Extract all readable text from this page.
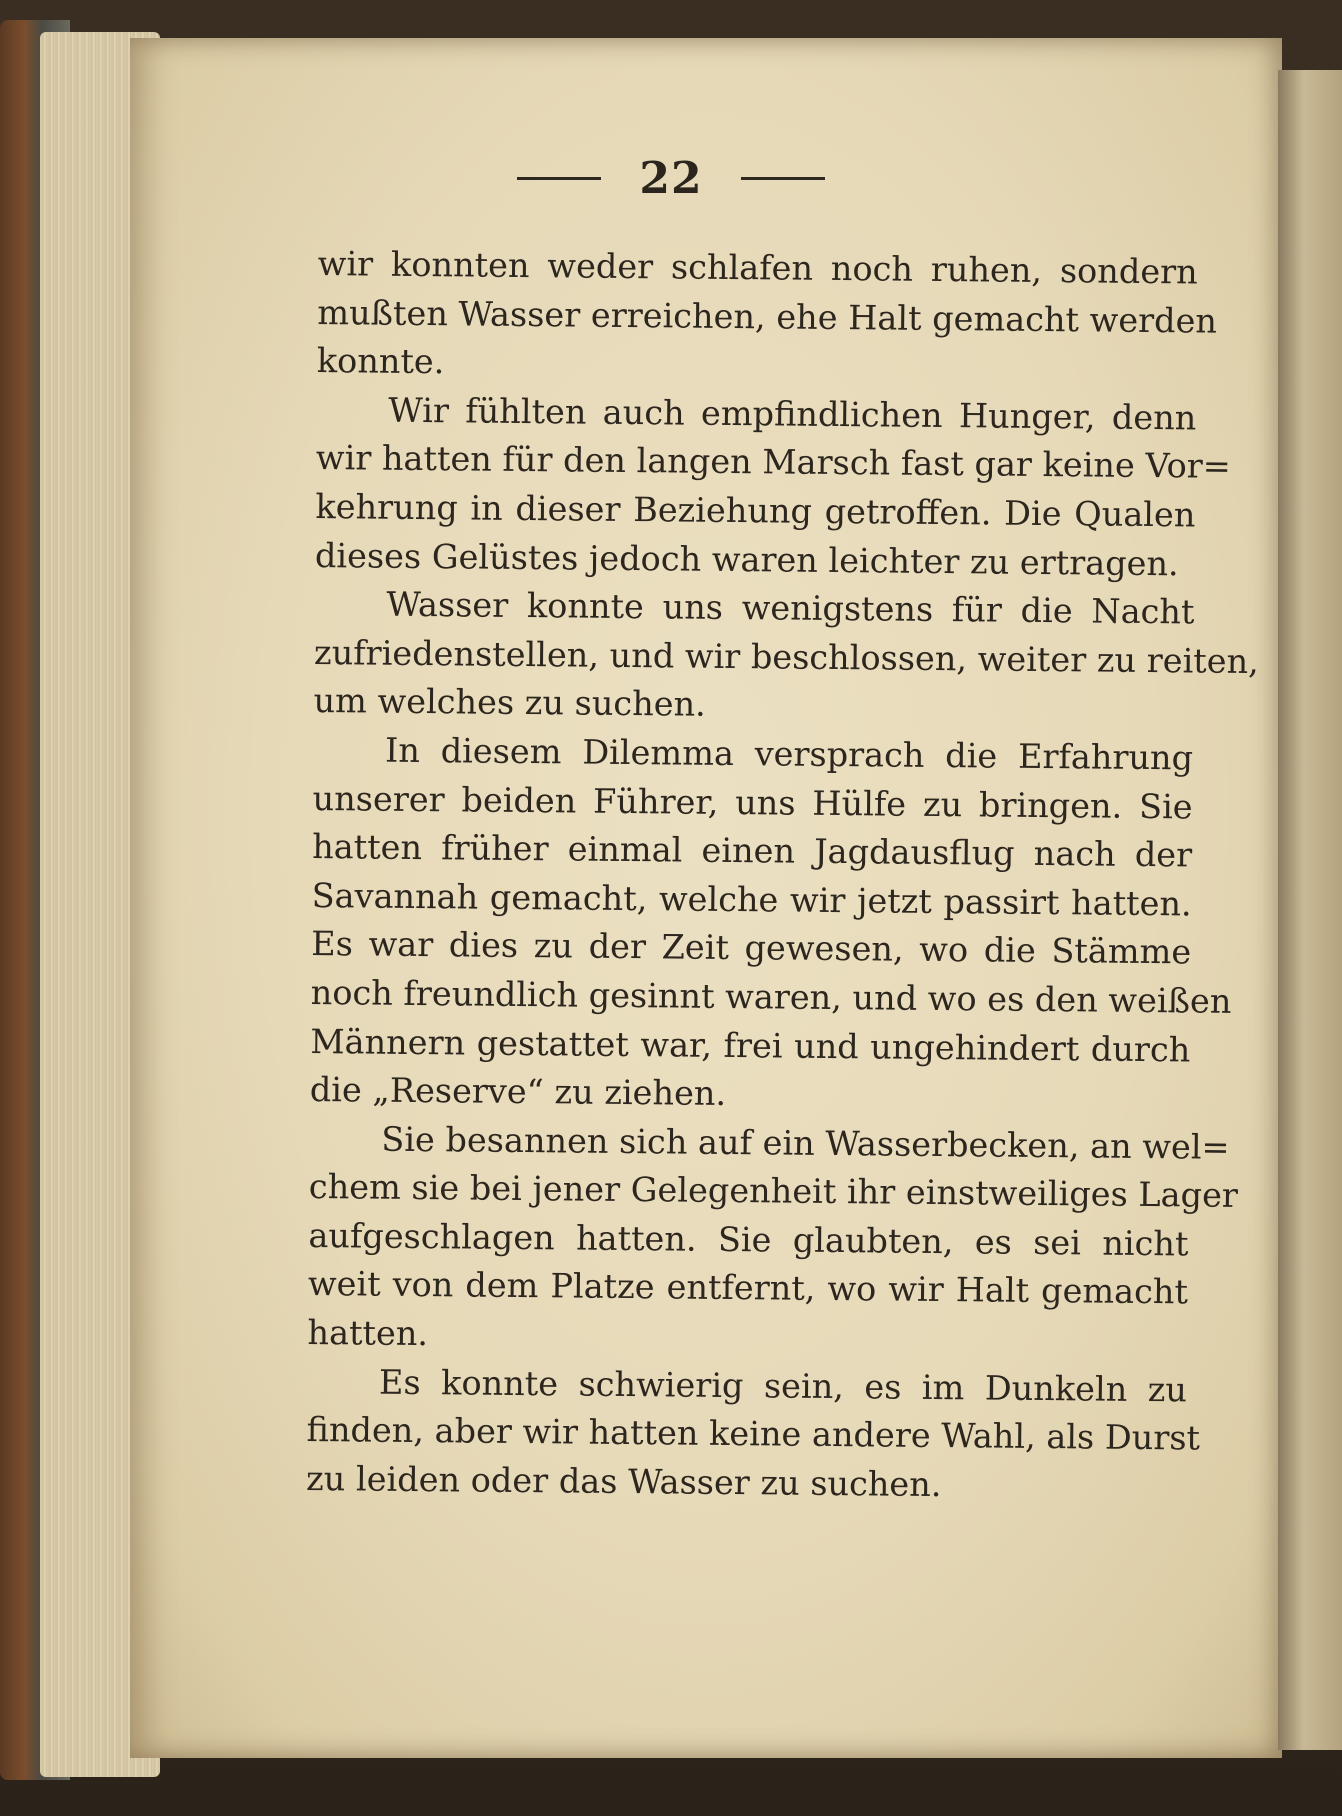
22
wir konnten weder schlafen noch ruhen, sondern
mußten Wasser erreichen, ehe Halt gemacht werden
konnte.
Wir fühlten auch empfindlichen Hunger, denn
wir hatten für den langen Marsch fast gar keine Vor=
kehrung in dieser Beziehung getroffen. Die Qualen
dieses Gelüstes jedoch waren leichter zu ertragen.
Wasser konnte uns wenigstens für die Nacht
zufriedenstellen, und wir beschlossen, weiter zu reiten,
um welches zu suchen.
In diesem Dilemma versprach die Erfahrung
unserer beiden Führer, uns Hülfe zu bringen. Sie
hatten früher einmal einen Jagdausflug nach der
Savannah gemacht, welche wir jetzt passirt hatten.
Es war dies zu der Zeit gewesen, wo die Stämme
noch freundlich gesinnt waren, und wo es den weißen
Männern gestattet war, frei und ungehindert durch
die „Reserve“ zu ziehen.
Sie besannen sich auf ein Wasserbecken, an wel=
chem sie bei jener Gelegenheit ihr einstweiliges Lager
aufgeschlagen hatten. Sie glaubten, es sei nicht
weit von dem Platze entfernt, wo wir Halt gemacht
hatten.
Es konnte schwierig sein, es im Dunkeln zu
finden, aber wir hatten keine andere Wahl, als Durst
zu leiden oder das Wasser zu suchen.
